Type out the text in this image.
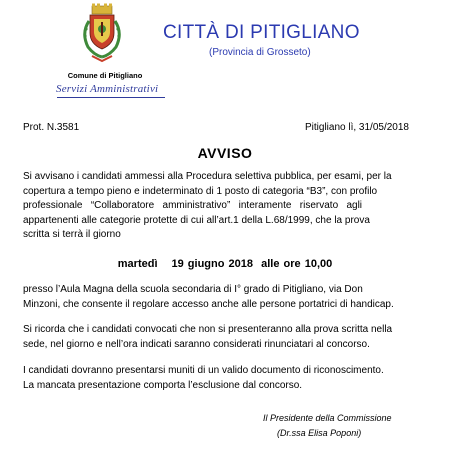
Comune di Pitigliano
Servizi Amministrativi
CITTÀ DI PITIGLIANO
(Provincia di Grosseto)
Prot. N.3581	Pitigliano lì, 31/05/2018
AVVISO
Si avvisano i candidati ammessi alla Procedura selettiva pubblica, per esami, per la
copertura a tempo pieno e indeterminato di 1 posto di categoria “B3”, con profilo
professionale   “Collaboratore   amministrativo”   interamente   riservato   agli
appartenenti alle categorie protette di cui all’art.1 della L.68/1999, che la prova
scritta si terrà il giorno
martedì 19 giugno 2018 alle ore 10,00
presso l’Aula Magna della scuola secondaria di I° grado di Pitigliano, via Don
Minzoni, che consente il regolare accesso anche alle persone portatrici di handicap.
Si ricorda che i candidati convocati che non si presenteranno alla prova scritta nella
sede, nel giorno e nell’ora indicati saranno considerati rinunciatari al concorso.
I candidati dovranno presentarsi muniti di un valido documento di riconoscimento.
La mancata presentazione comporta l’esclusione dal concorso.
Il Presidente della Commissione
(Dr.ssa Elisa Poponi)
